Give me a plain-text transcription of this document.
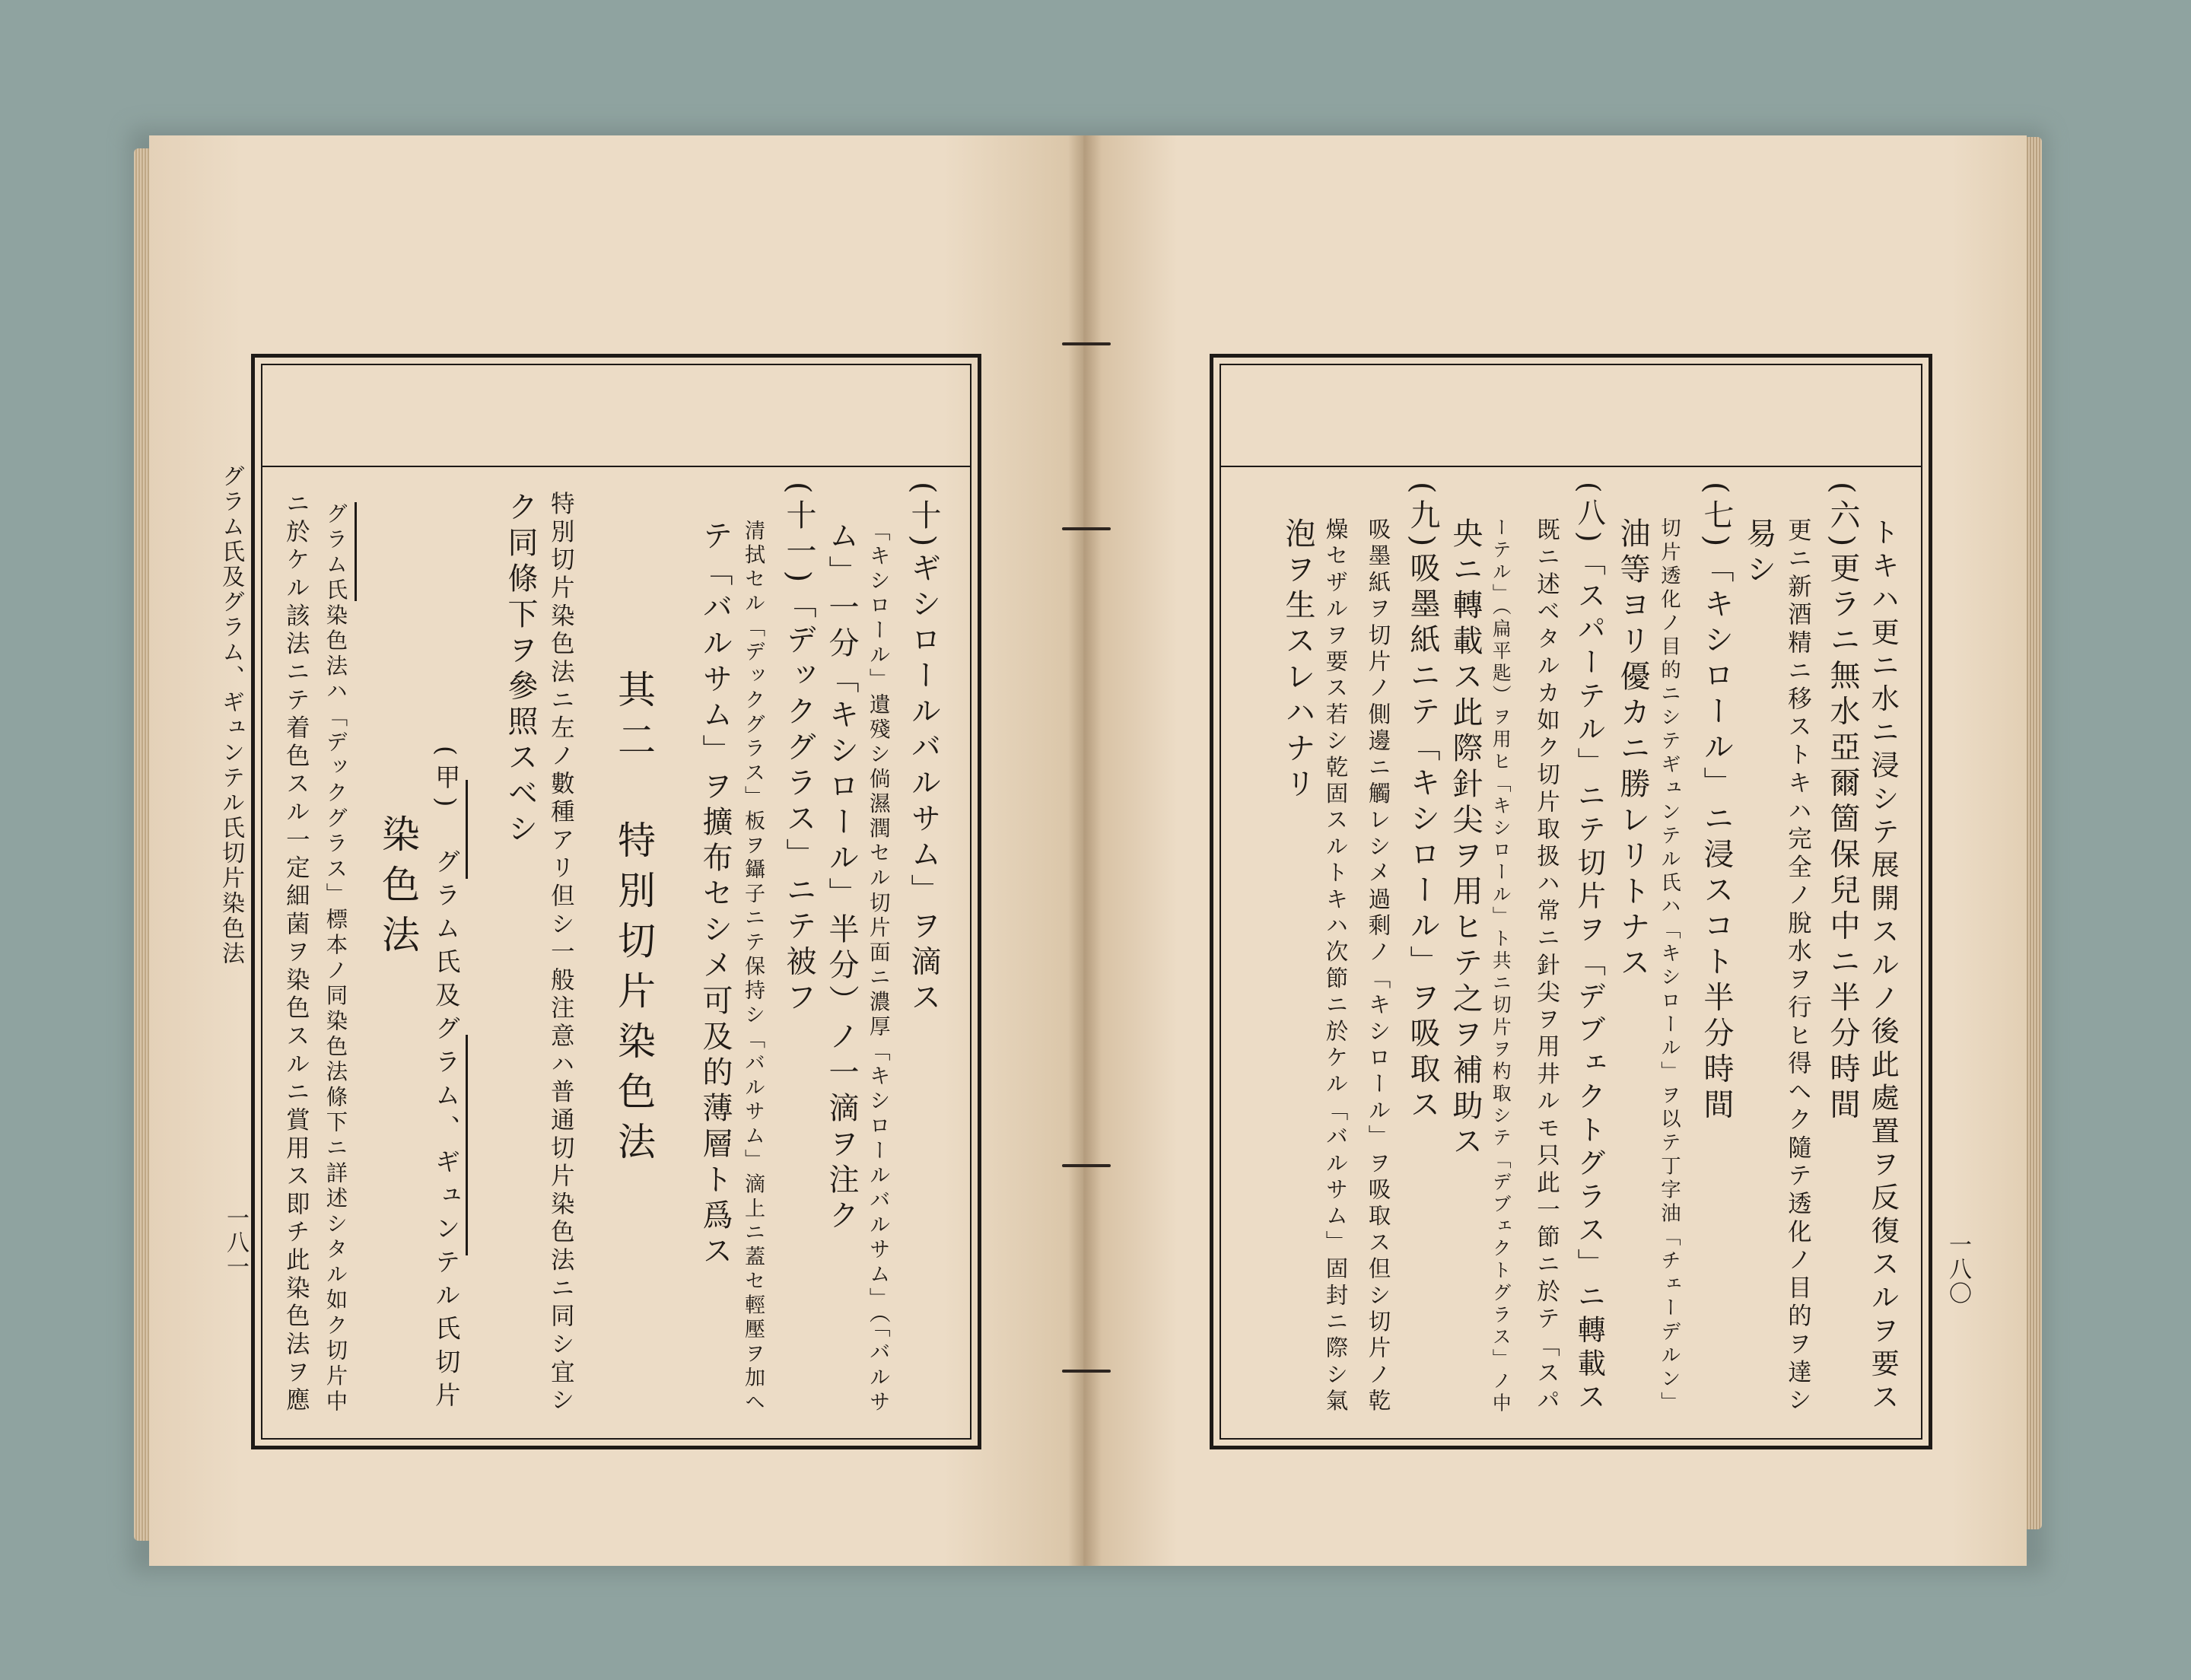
グラム氏及グラム、ギュンテル氏切片染色法
一八一
(十)ギシロールバルサム」ヲ滴ス
「キシロール」遺殘シ倘濕潤セル切片面ニ濃厚「キシロールバルサム」（「バルサ
ム」一分「キシロール」半分）ノ一滴ヲ注ク
(十一)「デックグラス」ニテ被フ
清拭セル「デックグラス」板ヲ鑷子ニテ保持シ「バルサム」滴上ニ蓋セ輕壓ヲ加ヘ
テ「バルサム」ヲ擴布セシメ可及的薄層ト爲ス
其二　特別切片染色法
特別切片染色法ニ左ノ數種アリ但シ一般注意ハ普通切片染色法ニ同シ宜シ
ク同條下ヲ參照スベシ
(甲)　グラム氏及グラム、ギュンテル氏切片
染色法
グラム氏染色法ハ「デックグラス」標本ノ同染色法條下ニ詳述シタル如ク切片中
ニ於ケル該法ニテ着色スル一定細菌ヲ染色スルニ賞用ス即チ此染色法ヲ應	一八〇
トキハ更ニ水ニ浸シテ展開スルノ後此處置ヲ反復スルヲ要ス
(六)更ラニ無水亞爾箇保兒中ニ半分時間
更ニ新酒精ニ移ストキハ完全ノ脫水ヲ行ヒ得ヘク隨テ透化ノ目的ヲ達シ
易シ
(七)「キシロール」ニ浸スコト半分時間
切片透化ノ目的ニシテギュンテル氏ハ「キシロール」ヲ以テ丁字油「チェーデルン」
油等ヨリ優カニ勝レリトナス
(八)「スパーテル」ニテ切片ヲ「デブェクトグラス」ニ轉載ス
既ニ述ベタルカ如ク切片取扱ハ常ニ針尖ヲ用井ルモ只此一節ニ於テ「スパ
ーテル」（扁平匙）ヲ用ヒ「キシロール」ト共ニ切片ヲ杓取シテ「デブェクトグラス」ノ中
央ニ轉載ス此際針尖ヲ用ヒテ之ヲ補助ス
(九)吸墨紙ニテ「キシロール」ヲ吸取ス
吸墨紙ヲ切片ノ側邊ニ觸レシメ過剩ノ「キシロール」ヲ吸取ス但シ切片ノ乾
燥セザルヲ要ス若シ乾固スルトキハ次節ニ於ケル「バルサム」固封ニ際シ氣
泡ヲ生スレハナリ
